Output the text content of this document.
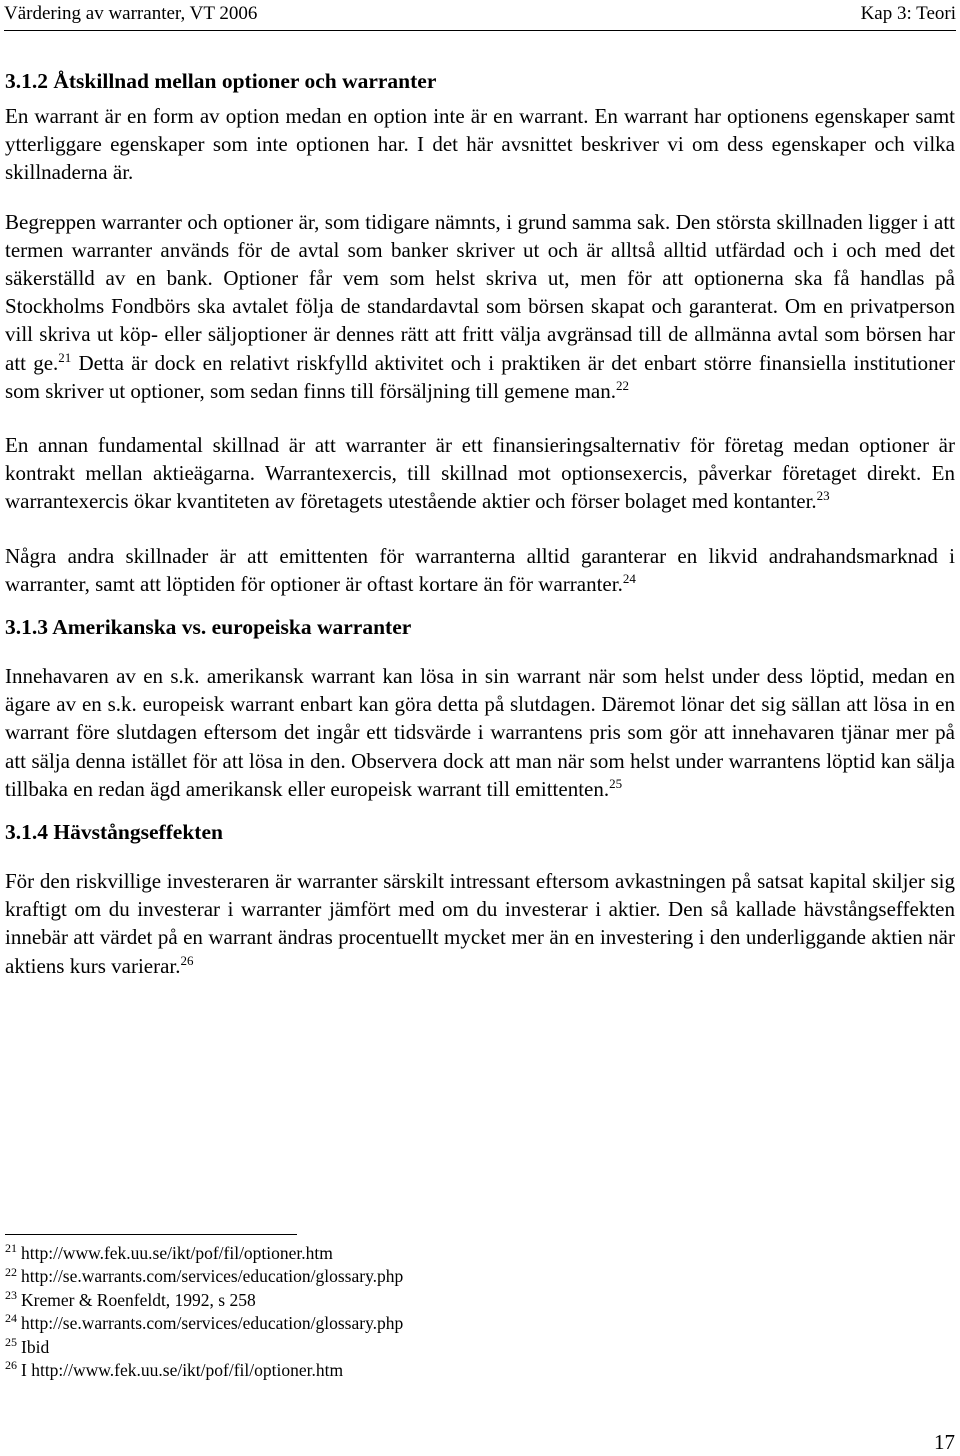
Värdering av warranter, VT 2006	Kap 3: Teori
3.1.2 Åtskillnad mellan optioner och warranter

En warrant är en form av option medan en option inte är en warrant. En warrant har optionens egenskaper samt ytterliggare egenskaper som inte optionen har. I det här avsnittet beskriver vi om dess egenskaper och vilka skillnaderna är.

Begreppen warranter och optioner är, som tidigare nämnts, i grund samma sak. Den största skillnaden ligger i att termen warranter används för de avtal som banker skriver ut och är alltså alltid utfärdad och i och med det säkerställd av en bank. Optioner får vem som helst skriva ut, men för att optionerna ska få handlas på Stockholms Fondbörs ska avtalet följa de standardavtal som börsen skapat och garanterat. Om en privatperson vill skriva ut köp- eller säljoptioner är dennes rätt att fritt välja avgränsad till de allmänna avtal som börsen har att ge.$^{21}$ Detta är dock en relativt riskfylld aktivitet och i praktiken är det enbart större finansiella institutioner som skriver ut optioner, som sedan finns till försäljning till gemene man.$^{22}$

En annan fundamental skillnad är att warranter är ett finansieringsalternativ för företag medan optioner är kontrakt mellan aktieägarna. Warrantexercis, till skillnad mot optionsexercis, påverkar företaget direkt. En warrantexercis ökar kvantiteten av företagets utestående aktier och förser bolaget med kontanter.$^{23}$

Några andra skillnader är att emittenten för warranterna alltid garanterar en likvid andrahandsmarknad i warranter, samt att löptiden för optioner är oftast kortare än för warranter.$^{24}$

3.1.3 Amerikanska vs. europeiska warranter

Innehavaren av en s.k. amerikansk warrant kan lösa in sin warrant när som helst under dess löptid, medan en ägare av en s.k. europeisk warrant enbart kan göra detta på slutdagen. Däremot lönar det sig sällan att lösa in en warrant före slutdagen eftersom det ingår ett tidsvärde i warrantens pris som gör att innehavaren tjänar mer på att sälja denna istället för att lösa in den. Observera dock att man när som helst under warrantens löptid kan sälja tillbaka en redan ägd amerikansk eller europeisk warrant till emittenten.$^{25}$

3.1.4 Hävstångseffekten

För den riskvillige investeraren är warranter särskilt intressant eftersom avkastningen på satsat kapital skiljer sig kraftigt om du investerar i warranter jämfört med om du investerar i aktier. Den så kallade hävstångseffekten innebär att värdet på en warrant ändras procentuellt mycket mer än en investering i den underliggande aktien när aktiens kurs varierar.$^{26}$

$^{21}$ http://www.fek.uu.se/ikt/pof/fil/optioner.htm
$^{22}$ http://se.warrants.com/services/education/glossary.php
$^{23}$ Kremer & Roenfeldt, 1992, s 258
$^{24}$ http://se.warrants.com/services/education/glossary.php
$^{25}$ Ibid
$^{26}$ I http://www.fek.uu.se/ikt/pof/fil/optioner.htm
17
